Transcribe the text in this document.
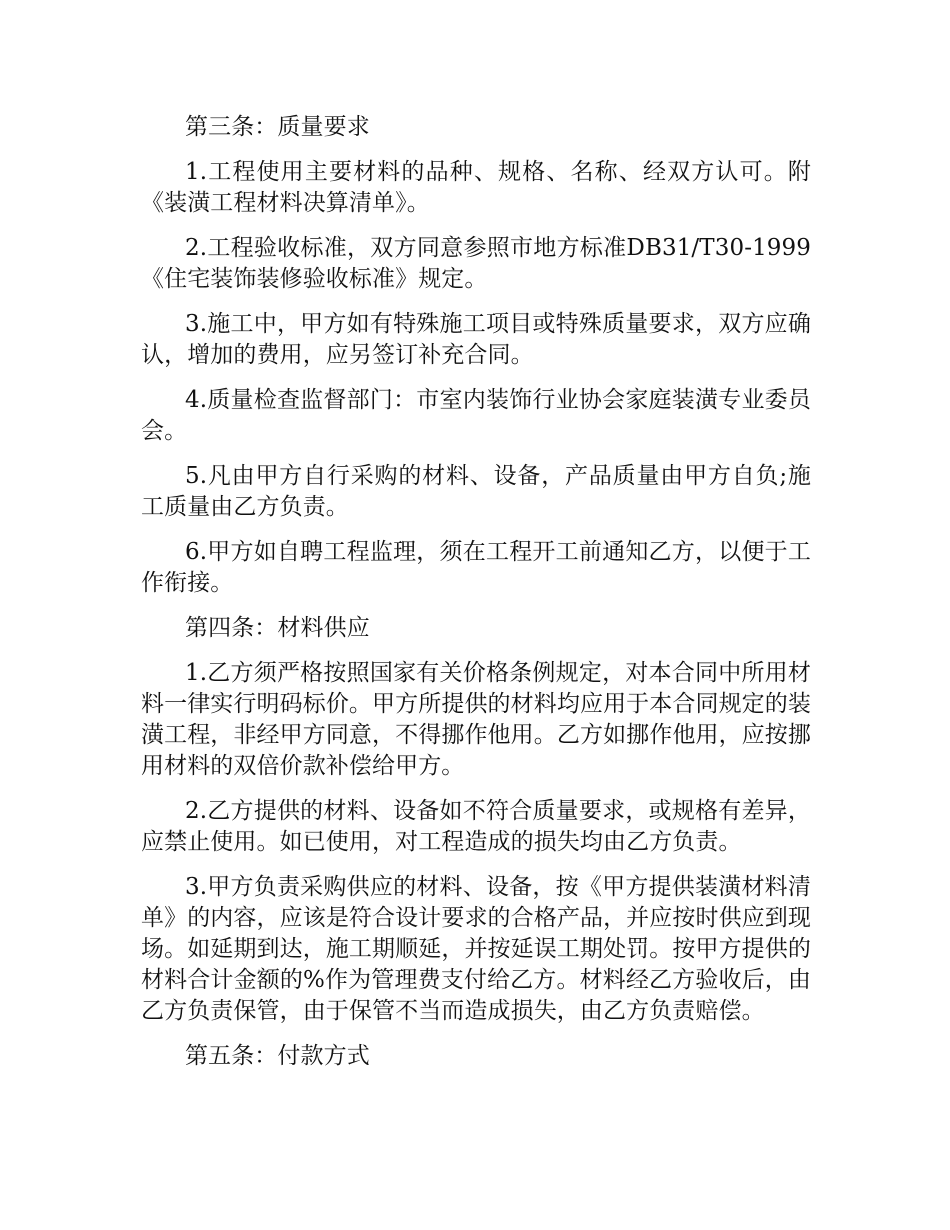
第三条：质量要求

1.工程使用主要材料的品种、规格、名称、经双方认可。附《装潢工程材料决算清单》。

2.工程验收标准，双方同意参照市地方标准DB31/T30-1999《住宅装饰装修验收标准》规定。

3.施工中，甲方如有特殊施工项目或特殊质量要求，双方应确认，增加的费用，应另签订补充合同。

4.质量检查监督部门：市室内装饰行业协会家庭装潢专业委员会。

5.凡由甲方自行采购的材料、设备，产品质量由甲方自负;施工质量由乙方负责。

6.甲方如自聘工程监理，须在工程开工前通知乙方，以便于工作衔接。

第四条：材料供应

1.乙方须严格按照国家有关价格条例规定，对本合同中所用材料一律实行明码标价。甲方所提供的材料均应用于本合同规定的装潢工程，非经甲方同意，不得挪作他用。乙方如挪作他用，应按挪用材料的双倍价款补偿给甲方。

2.乙方提供的材料、设备如不符合质量要求，或规格有差异，应禁止使用。如已使用，对工程造成的损失均由乙方负责。

3.甲方负责采购供应的材料、设备，按《甲方提供装潢材料清单》的内容，应该是符合设计要求的合格产品，并应按时供应到现场。如延期到达，施工期顺延，并按延误工期处罚。按甲方提供的材料合计金额的%作为管理费支付给乙方。材料经乙方验收后，由乙方负责保管，由于保管不当而造成损失，由乙方负责赔偿。

第五条：付款方式
